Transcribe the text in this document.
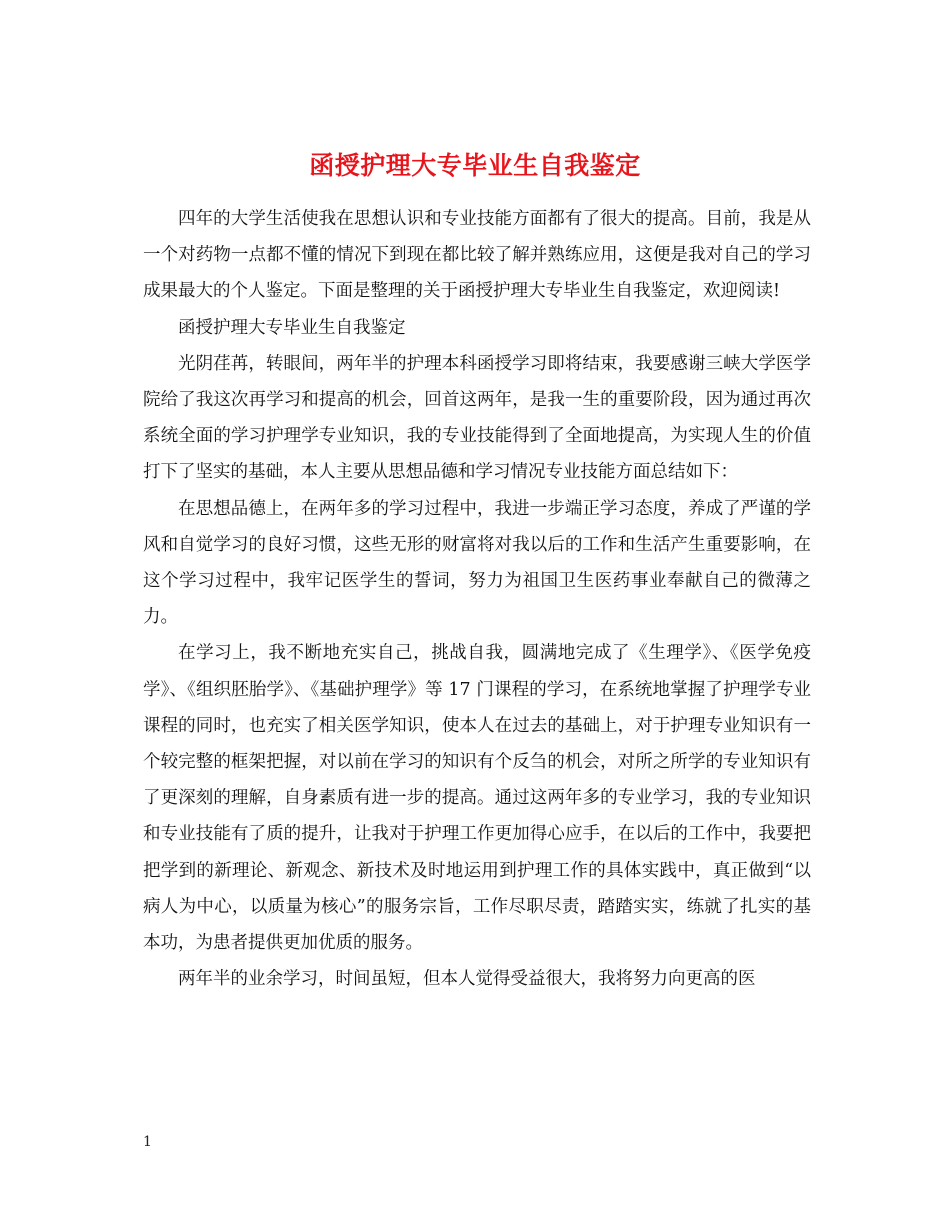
函授护理大专毕业生自我鉴定

四年的大学生活使我在思想认识和专业技能方面都有了很大的提高。目前，我是从一个对药物一点都不懂的情况下到现在都比较了解并熟练应用，这便是我对自己的学习成果最大的个人鉴定。下面是整理的关于函授护理大专毕业生自我鉴定，欢迎阅读!

函授护理大专毕业生自我鉴定

光阴荏苒，转眼间，两年半的护理本科函授学习即将结束，我要感谢三峡大学医学院给了我这次再学习和提高的机会，回首这两年，是我一生的重要阶段，因为通过再次系统全面的学习护理学专业知识，我的专业技能得到了全面地提高，为实现人生的价值打下了坚实的基础，本人主要从思想品德和学习情况专业技能方面总结如下：

在思想品德上，在两年多的学习过程中，我进一步端正学习态度，养成了严谨的学风和自觉学习的良好习惯，这些无形的财富将对我以后的工作和生活产生重要影响，在这个学习过程中，我牢记医学生的誓词，努力为祖国卫生医药事业奉献自己的微薄之力。

在学习上，我不断地充实自己，挑战自我，圆满地完成了《生理学》、《医学免疫学》、《组织胚胎学》、《基础护理学》等 17 门课程的学习，在系统地掌握了护理学专业课程的同时，也充实了相关医学知识，使本人在过去的基础上，对于护理专业知识有一个较完整的框架把握，对以前在学习的知识有个反刍的机会，对所之所学的专业知识有了更深刻的理解，自身素质有进一步的提高。通过这两年多的专业学习，我的专业知识和专业技能有了质的提升，让我对于护理工作更加得心应手，在以后的工作中，我要把把学到的新理论、新观念、新技术及时地运用到护理工作的具体实践中，真正做到“以病人为中心，以质量为核心”的服务宗旨，工作尽职尽责，踏踏实实，练就了扎实的基本功，为患者提供更加优质的服务。

两年半的业余学习，时间虽短，但本人觉得受益很大，我将努力向更高的医

1
